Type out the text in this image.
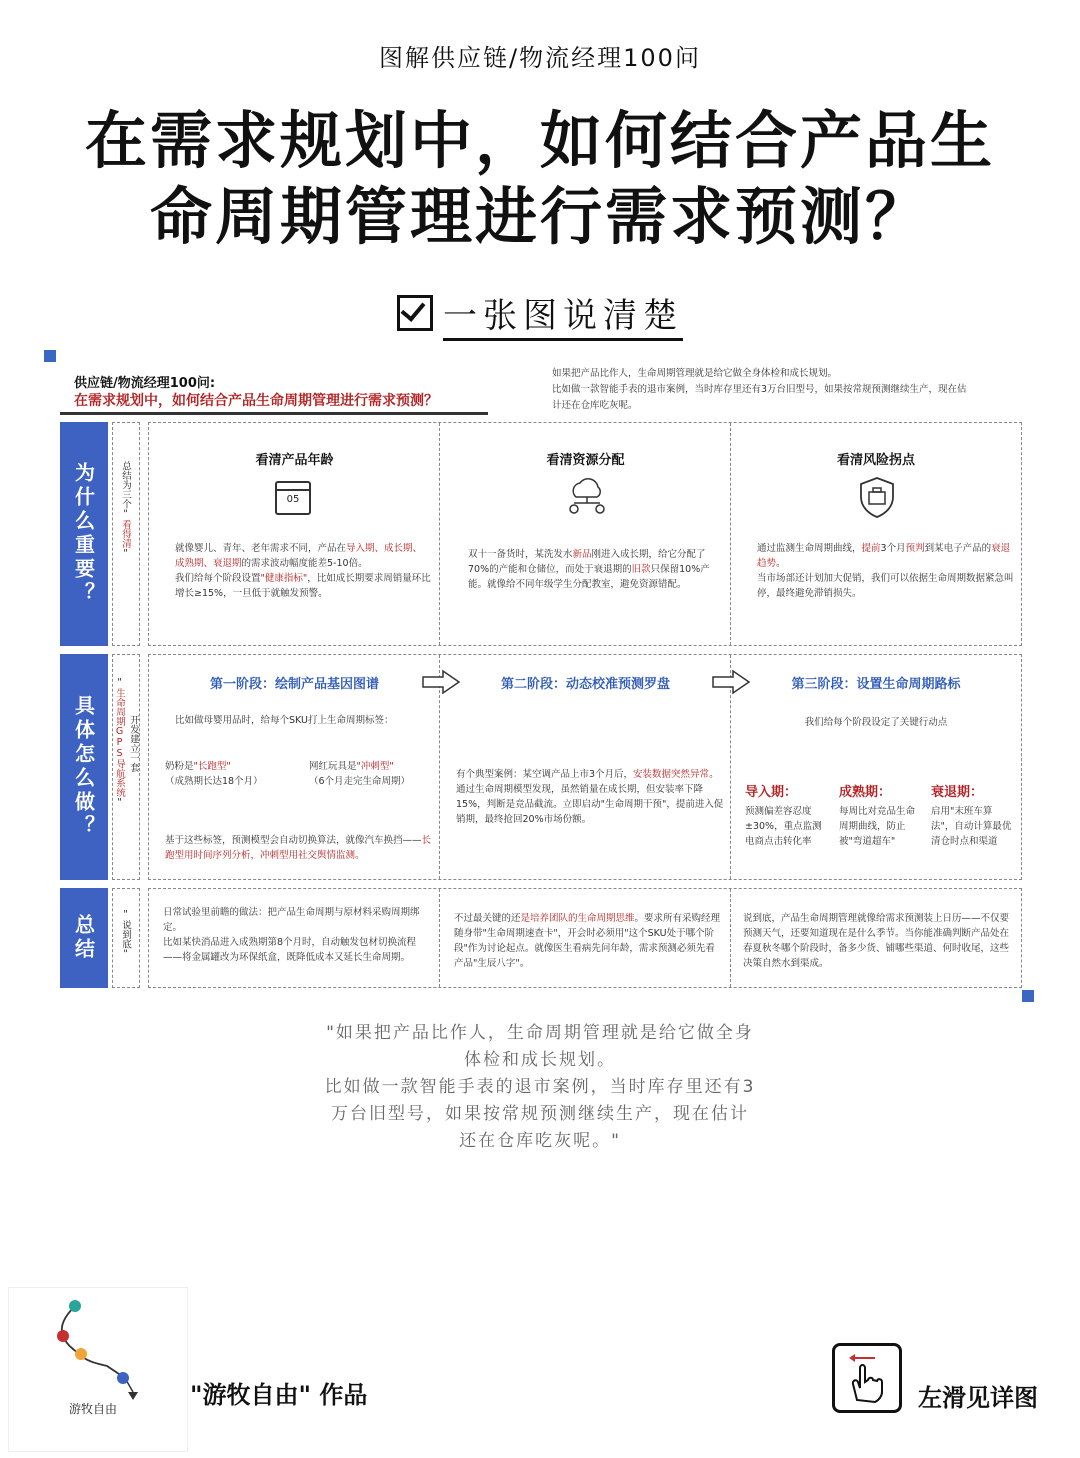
图解供应链/物流经理100问
在需求规划中，如何结合产品生
命周期管理进行需求预测？
一张图说清楚
供应链/物流经理100问:
在需求规划中，如何结合产品生命周期管理进行需求预测？
如果把产品比作人，生命周期管理就是给它做全身体检和成长规划。
比如做一款智能手表的退市案例，当时库存里还有3万台旧型号，如果按常规预测继续生产，现在估
计还在仓库吃灰呢。
为什么重要？	总结为三个"看得清"
看清产品年龄
05
就像婴儿、青年、老年需求不同，产品在导入期、成长期、成熟期、衰退期的需求波动幅度能差5-10倍。
我们给每个阶段设置"健康指标"，比如成长期要求周销量环比增长≥15%，一旦低于就触发预警。
看清资源分配
双十一备货时，某洗发水新品刚进入成长期，给它分配了70%的产能和仓储位，而处于衰退期的旧款只保留10%产能。就像给不同年级学生分配教室，避免资源错配。
看清风险拐点
通过监测生命周期曲线，提前3个月预判到某电子产品的衰退趋势。
当市场部还计划加大促销，我们可以依据生命周期数据紧急叫停，最终避免滞销损失。
具体怎么做？
"生命周期GPS导航系统"
开发建立一套
第一阶段：绘制产品基因图谱
比如做母婴用品时，给每个SKU打上生命周期标签：
奶粉是"长跑型"
（成熟期长达18个月）
网红玩具是"冲刺型"
（6个月走完生命周期）
基于这些标签，预测模型会自动切换算法，就像汽车换挡——长跑型用时间序列分析，冲刺型用社交舆情监测。
第二阶段：动态校准预测罗盘
有个典型案例：某空调产品上市3个月后，安装数据突然异常。通过生命周期模型发现，虽然销量在成长期，但安装率下降15%，判断是竞品截流。立即启动"生命周期干预"，提前进入促销期，最终抢回20%市场份额。
第三阶段：设置生命周期路标
我们给每个阶段设定了关键行动点
导入期：
预测偏差容忍度±30%，重点监测电商点击转化率
成熟期：
每周比对竞品生命周期曲线，防止被"弯道超车"
衰退期：
启用"末班车算法"，自动计算最优清仓时点和渠道
总结	"说到底"
日常试验里前瞻的做法：把产品生命周期与原材料采购周期绑定。
比如某快消品进入成熟期第8个月时，自动触发包材切换流程——将金属罐改为环保纸盒，既降低成本又延长生命周期。
不过最关键的还是培养团队的生命周期思维。要求所有采购经理随身带"生命周期速查卡"，开会时必须用"这个SKU处于哪个阶段"作为讨论起点。就像医生看病先问年龄，需求预测必须先看产品"生辰八字"。
说到底，产品生命周期管理就像给需求预测装上日历——不仅要预测天气，还要知道现在是什么季节。当你能准确判断产品处在春夏秋冬哪个阶段时，备多少货、铺哪些渠道、何时收尾，这些决策自然水到渠成。
"如果把产品比作人，生命周期管理就是给它做全身
体检和成长规划。
比如做一款智能手表的退市案例，当时库存里还有3
万台旧型号，如果按常规预测继续生产，现在估计
还在仓库吃灰呢。"
游牧自由	"游牧自由" 作品	左滑见详图
